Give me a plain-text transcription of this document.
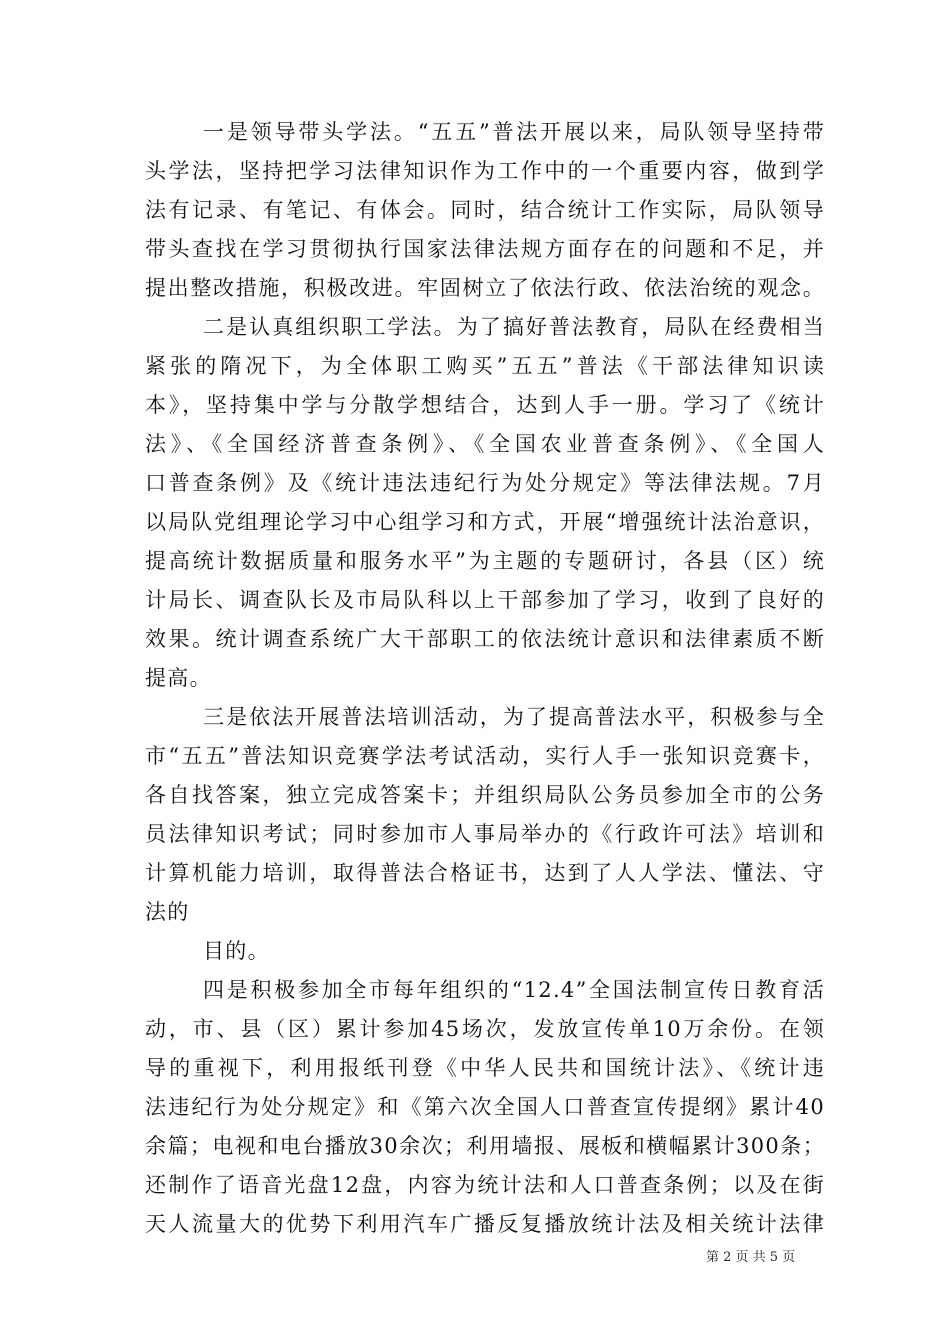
一是领导带头学法。“五五”普法开展以来，局队领导坚持带
头学法，坚持把学习法律知识作为工作中的一个重要内容，做到学
法有记录、有笔记、有体会。同时，结合统计工作实际，局队领导
带头查找在学习贯彻执行国家法律法规方面存在的问题和不足，并
提出整改措施，积极改进。牢固树立了依法行政、依法治统的观念。
二是认真组织职工学法。为了搞好普法教育，局队在经费相当
紧张的隋况下，为全体职工购买”五五”普法《干部法律知识读
本》，坚持集中学与分散学想结合，达到人手一册。学习了《统计
法》、《全国经济普查条例》、《全国农业普查条例》、《全国人
口普查条例》及《统计违法违纪行为处分规定》等法律法规。7月
以局队党组理论学习中心组学习和方式，开展“增强统计法治意识，
提高统计数据质量和服务水平”为主题的专题研讨，各县（区）统
计局长、调查队长及市局队科以上干部参加了学习，收到了良好的
效果。统计调查系统广大干部职工的依法统计意识和法律素质不断
提高。
三是依法开展普法培训活动，为了提高普法水平，积极参与全
市“五五”普法知识竞赛学法考试活动，实行人手一张知识竞赛卡，
各自找答案，独立完成答案卡；并组织局队公务员参加全市的公务
员法律知识考试；同时参加市人事局举办的《行政许可法》培训和
计算机能力培训，取得普法合格证书，达到了人人学法、懂法、守
法的
目的。
四是积极参加全市每年组织的“12.4”全国法制宣传日教育活
动，市、县（区）累计参加45场次，发放宣传单10万余份。在领
导的重视下，利用报纸刊登《中华人民共和国统计法》、《统计违
法违纪行为处分规定》和《第六次全国人口普查宣传提纲》累计40
余篇；电视和电台播放30余次；利用墙报、展板和横幅累计300条；
还制作了语音光盘12盘，内容为统计法和人口普查条例；以及在街
天人流量大的优势下利用汽车广播反复播放统计法及相关统计法律
第 2 页 共 5 页
